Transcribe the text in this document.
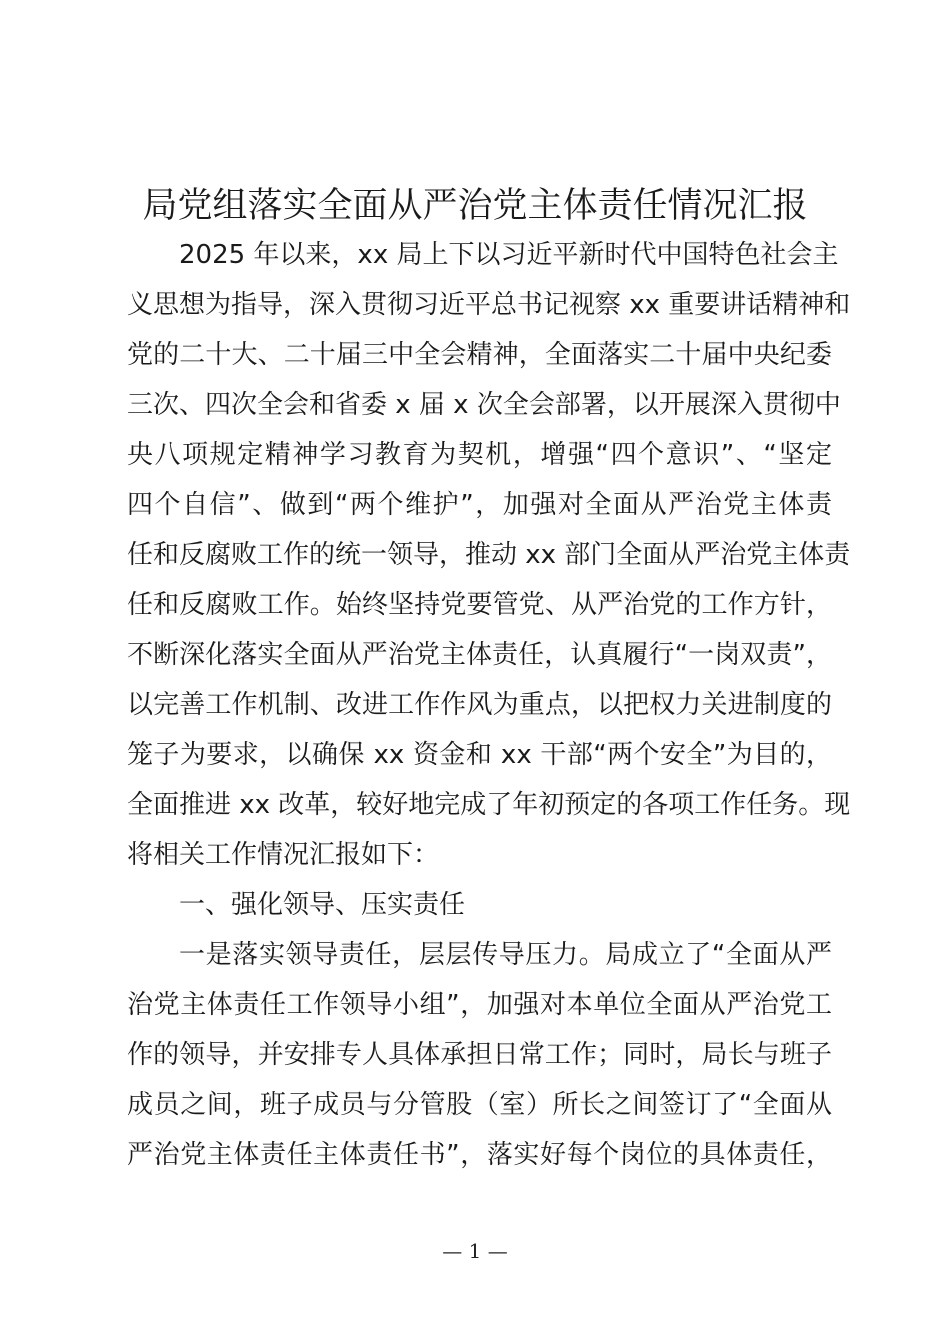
局党组落实全面从严治党主体责任情况汇报
2025 年以来，xx 局上下以习近平新时代中国特色社会主
义思想为指导，深入贯彻习近平总书记视察 xx 重要讲话精神和
党的二十大、二十届三中全会精神，全面落实二十届中央纪委
三次、四次全会和省委 x 届 x 次全会部署，以开展深入贯彻中
央八项规定精神学习教育为契机，增强“四个意识”、“坚定
四个自信”、做到“两个维护”，加强对全面从严治党主体责
任和反腐败工作的统一领导，推动 xx 部门全面从严治党主体责
任和反腐败工作。始终坚持党要管党、从严治党的工作方针，
不断深化落实全面从严治党主体责任，认真履行“一岗双责”，
以完善工作机制、改进工作作风为重点，以把权力关进制度的
笼子为要求，以确保 xx 资金和 xx 干部“两个安全”为目的，
全面推进 xx 改革，较好地完成了年初预定的各项工作任务。现
将相关工作情况汇报如下：
一、强化领导、压实责任
一是落实领导责任，层层传导压力。局成立了“全面从严
治党主体责任工作领导小组”，加强对本单位全面从严治党工
作的领导，并安排专人具体承担日常工作；同时，局长与班子
成员之间，班子成员与分管股（室）所长之间签订了“全面从
严治党主体责任主体责任书”，落实好每个岗位的具体责任，
— 1 —
